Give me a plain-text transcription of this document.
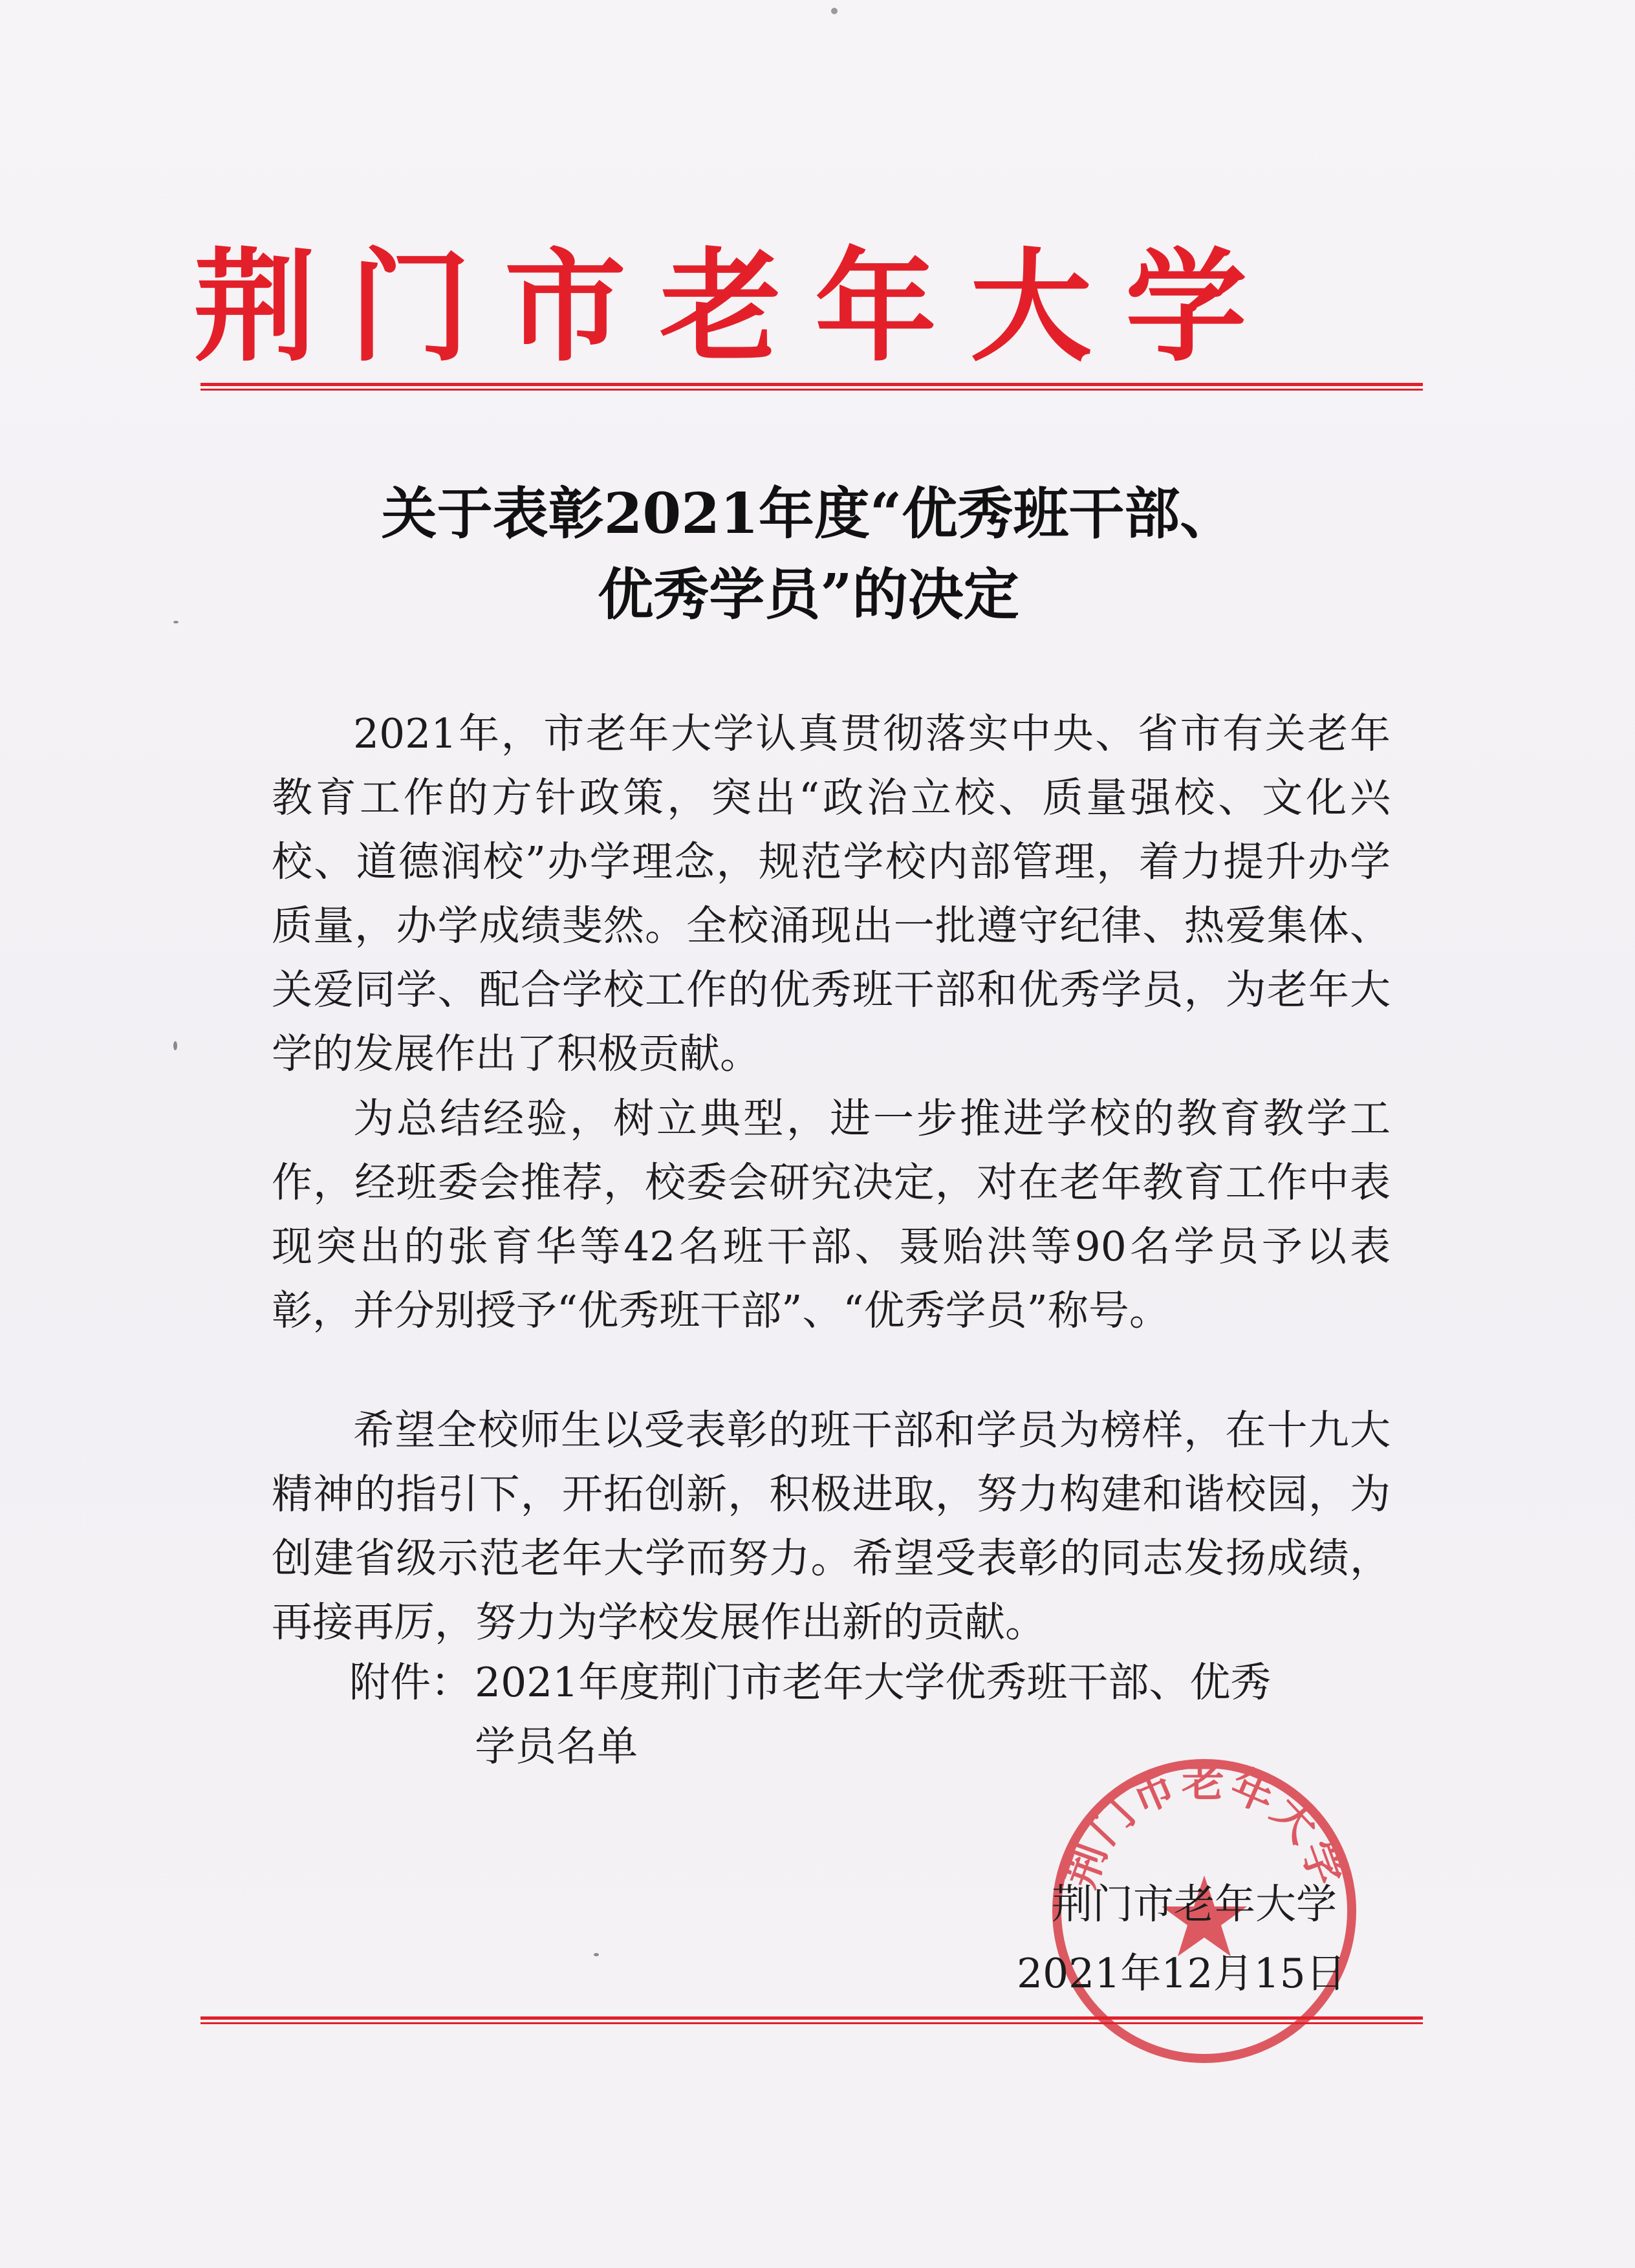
荆门市老年大学
关于表彰2021年度“优秀班干部、
优秀学员”的决定

2021年，市老年大学认真贯彻落实中央、省市有关老年教育工作的方针政策，突出“政治立校、质量强校、文化兴校、道德润校”办学理念，规范学校内部管理，着力提升办学质量，办学成绩斐然。全校涌现出一批遵守纪律、热爱集体、关爱同学、配合学校工作的优秀班干部和优秀学员，为老年大学的发展作出了积极贡献。

为总结经验，树立典型，进一步推进学校的教育教学工作，经班委会推荐，校委会研究决定，对在老年教育工作中表现突出的张育华等42名班干部、聂贻洪等90名学员予以表彰，并分别授予“优秀班干部”、“优秀学员”称号。

希望全校师生以受表彰的班干部和学员为榜样，在十九大精神的指引下，开拓创新，积极进取，努力构建和谐校园，为创建省级示范老年大学而努力。希望受表彰的同志发扬成绩，再接再厉，努力为学校发展作出新的贡献。

附件：2021年度荆门市老年大学优秀班干部、优秀
学员名单
荆门市老年大学
荆门市老年大学
2021年12月15日
